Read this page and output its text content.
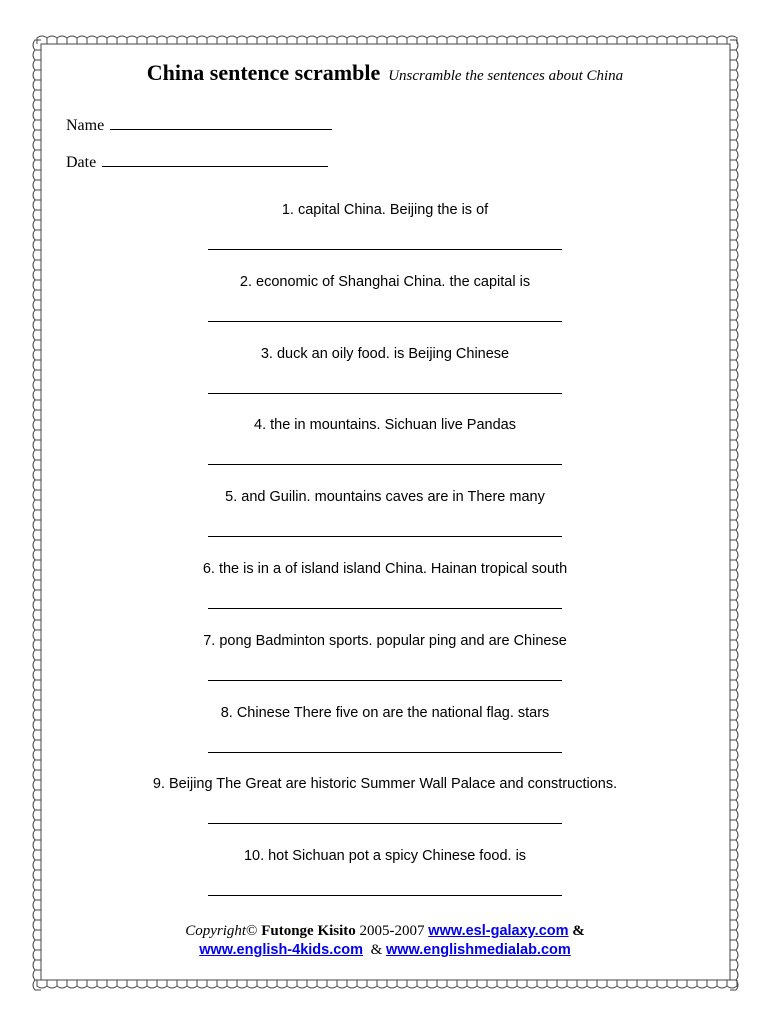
China sentence scramble Unscramble the sentences about China
Name
Date
1. capital China. Beijing the is of
2. economic of Shanghai China. the capital is
3. duck an oily food. is Beijing Chinese
4. the in mountains. Sichuan live Pandas
5. and Guilin. mountains caves are in There many
6. the is in a of island island China. Hainan tropical south
7. pong Badminton sports. popular ping and are Chinese
8. Chinese There five on are the national flag. stars
9. Beijing The Great are historic Summer Wall Palace and constructions.
10. hot Sichuan pot a spicy Chinese food. is
Copyright© Futonge Kisito 2005-2007 www.esl-galaxy.com &
www.english-4kids.com & www.englishmedialab.com
